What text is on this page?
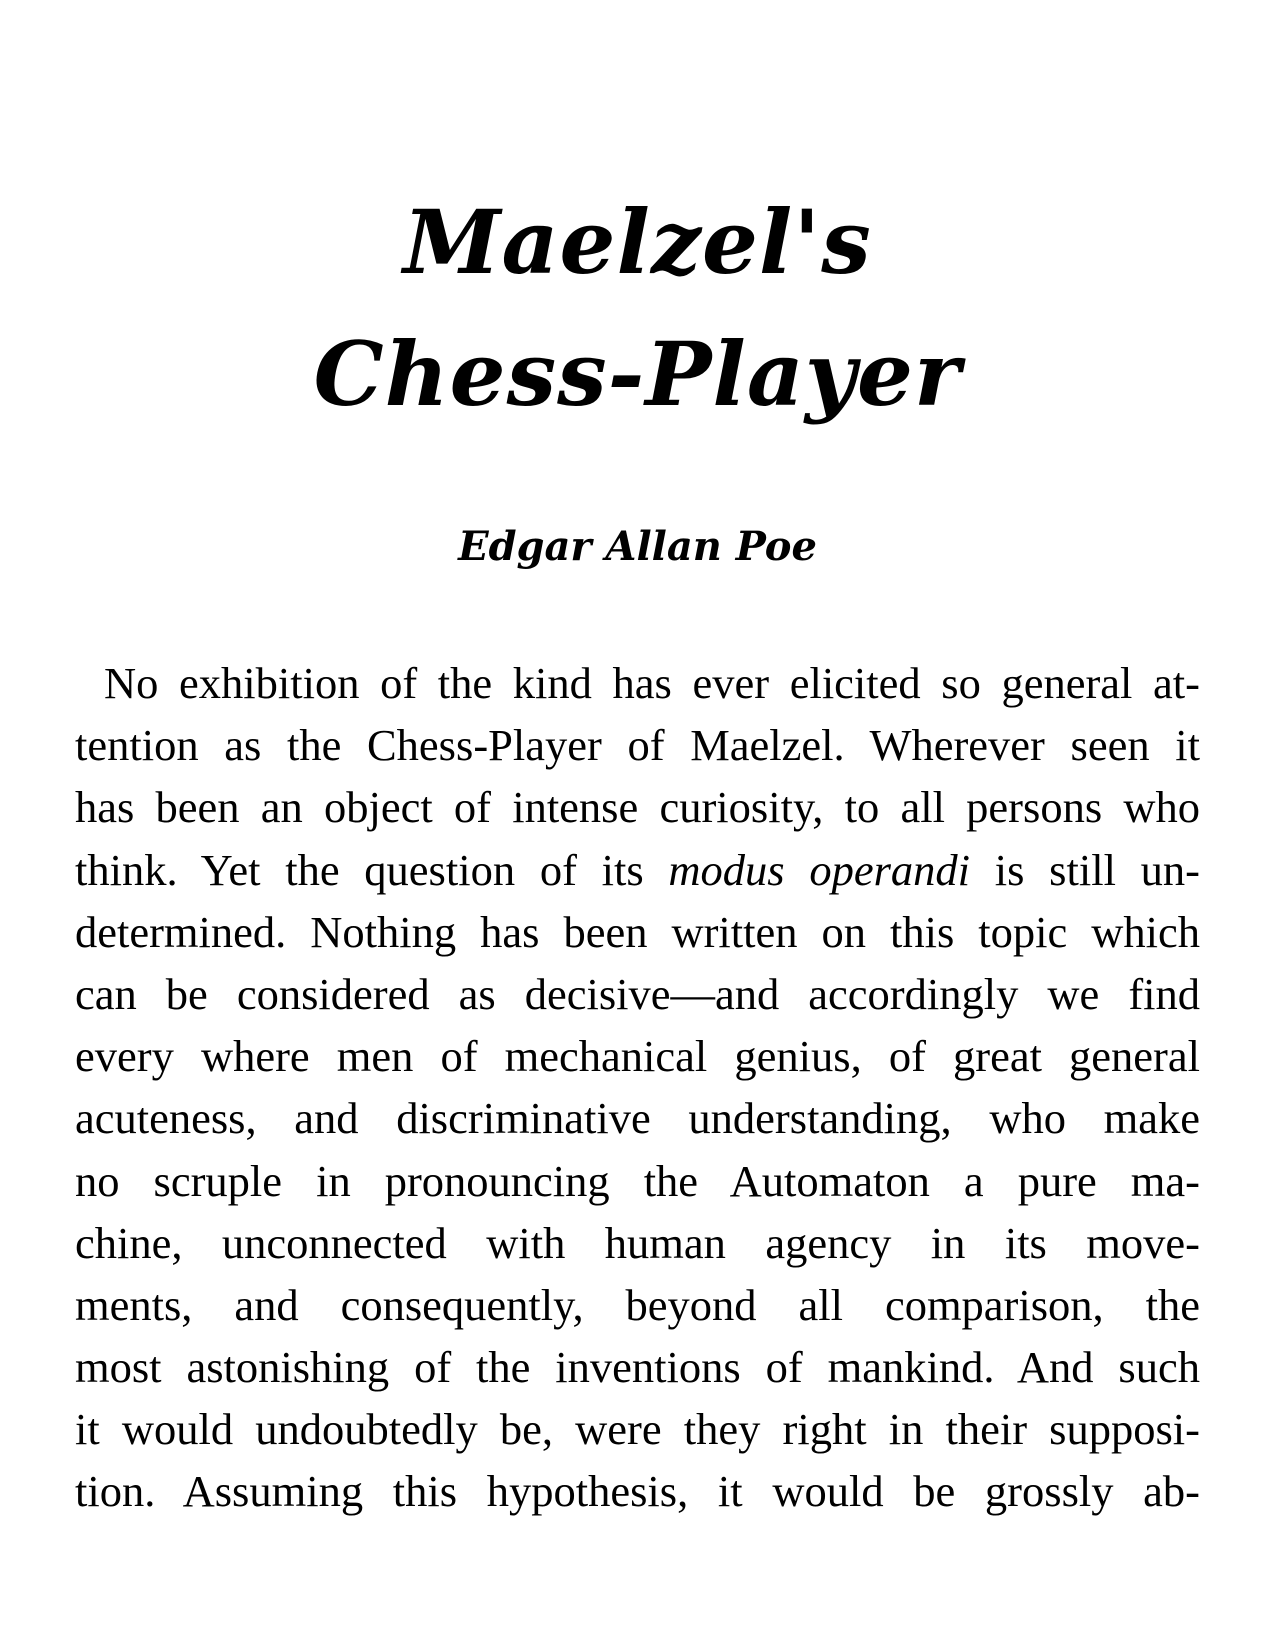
Maelzel's
Chess-Player
Edgar Allan Poe
No exhibition of the kind has ever elicited so general at-
tention as the Chess-Player of Maelzel. Wherever seen it
has been an object of intense curiosity, to all persons who
think. Yet the question of its modus operandi is still un-
determined. Nothing has been written on this topic which
can be considered as decisive—and accordingly we find
every where men of mechanical genius, of great general
acuteness, and discriminative understanding, who make
no scruple in pronouncing the Automaton a pure ma-
chine, unconnected with human agency in its move-
ments, and consequently, beyond all comparison, the
most astonishing of the inventions of mankind. And such
it would undoubtedly be, were they right in their supposi-
tion. Assuming this hypothesis, it would be grossly ab-
